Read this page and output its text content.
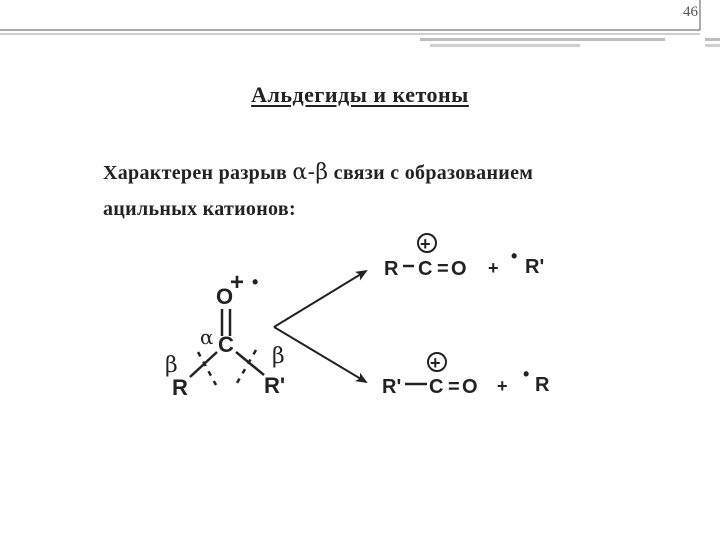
46
Альдегиды и кетоны
Характерен разрыв α-β связи с образованием
ацильных катионов:
O
+ •
C
α
β	β
R	R'
R
+
C = O +
• R'
R'
+
C = O +
• R
